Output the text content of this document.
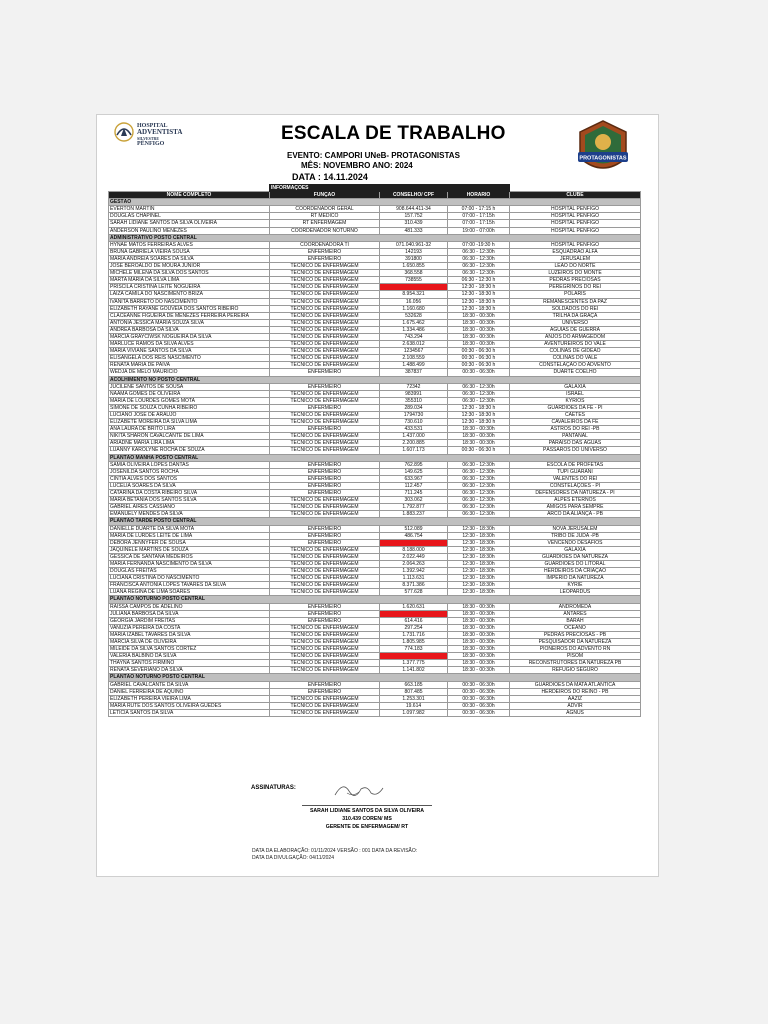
HOSPITAL
ADVENTISTA
SILVESTRE
PÊNFIGO	ESCALA DE TRABALHO
EVENTO: CAMPORI UNeB- PROTAGONISTAS
MÊS: NOVEMBRO ANO: 2024
DATA : 14.11.2024
PROTAGONISTAS
	INFORMAÇÕES			
NOME COMPLETO	FUNÇÃO	CONSELHO/ CPF	HORÁRIO	CLUBE
GESTÃO				
EVERTON MARTIN	COORDENADOR GERAL	908.644.411-34	07:00 - 17:15 h	HOSPITAL PÊNFIGO
DOUGLAS CHAPINEL	RT MÉDICO	157.752	07:00 - 17:15h	HOSPITAL PÊNFIGO
SARAH LIDIANE SANTOS DA SILVA OLIVEIRA	RT ENFERMAGEM	310.439	07:00 - 17:15h	HOSPITAL PÊNFIGO
ANDERSON PAULINO MENEZES	COORDENADOR NOTURNO	481.333	19:00 - 07:00h	HOSPITAL PÊNFIGO
ADMINISTRATIVO POSTO CENTRAL				
HYNAE MATOS FERREIRAS ALVES	COORDENADORA TI	071.040.961-32	07:00 -19:30 h	HOSPITAL PÊNFIGO
BRUNA GABRIELA VIEIRA SOUSA	ENFERMEIRO	142193	06:30 - 12:30h	ESQUADRÃO ALFA
MARIA ANDREIA SOARES DA SILVA	ENFERMEIRO	391800	06:30 - 12:30h	JERUSALÉM
JOSÉ BEROALDO DE MOURA JÚNIOR	TÉCNICO DE ENFERMAGEM	1.650.855	06:30 - 12:30h	LEÃO DO NORTE
MICHELE MILENA DA SILVA DOS SANTOS	TÉCNICO DE ENFERMAGEM	368.558	06:30 - 12:30h	LUZEIROS DO MONTE
MARTA MARIA DA SILVA LIMA	TÉCNICO DE ENFERMAGEM	738555	06:30 - 12:30 h	PEDRAS PRECIOSAS
PRISCILA CRISTINA LEITE NOGUEIRA	TÉCNICO DE ENFERMAGEM		12:30 - 18:30 h	PEREGRINOS DO REI
LAIZA CAMILA DO NASCIMENTO BRIZA	TÉCNICO DE ENFERMAGEM	8.954.321	12:30 - 18:30 h	POLARIS
IVANITA BARRETO DO NASCIMENTO	TÉCNICO DE ENFERMAGEM	16.056	12:30 - 18:30 h	REMANESCENTES DA PAZ
ELIZABETH RAYANE GOUVEIA DOS SANTOS RIBEIRO	TÉCNICO DE ENFERMAGEM	1.160.680	12:30 - 18:30 h	SOLDADOS DO REI
CLACEANNE FIGUEIRA DE MENEZES FERREIRA PEREIRA	TÉCNICO DE ENFERMAGEM	532628	18:30 - 00:30h	TRILHA DA GRAÇA
ANTONIA JESSICA MARIA SOUZA SILVA	TÉCNICO DE ENFERMAGEM	1.675.462	18:30 - 00:30h	UNIVERSO
ANDRÉA BARBOSA DA SILVA	TÉCNICO DE ENFERMAGEM	1.334.486	18:30 - 00:30h	ÁGUIAS DE GUERRA
MÁRCIA GRAYCIWSK NOGUEIRA DA SILVA	TÉCNICO DE ENFERMAGEM	743.294	18:30 - 00:30h	ANJOS DO ARMAGEDOM
MARLUCE RAMOS DA SILVA ALVES	TÉCNICO DE ENFERMAGEM	2.638.012	18:30 - 00:30h	AVENTUREIROS DO VALE
MARIA VIVIANE SANTOS DA SILVA	TÉCNICO DE ENFERMAGEM	1234567	00:30 - 06:30 h	COLINAS DE GIDEÃO
ELISÂNGELA DOS REIS NASCIMENTO	TÉCNICO DE ENFERMAGEM	2.108.559	00:30 - 06:30 h	COLINAS DO VALE
RENATA MARIA DE PAIVA	TÉCNICO DE ENFERMAGEM	1.488.499	00:30 - 06:30 h	CONSTELAÇÃO DO ADVENTO
WEDJA DE MELO MAURICIO	ENFERMEIRO	387837	00:30 - 06:30h	DUARTE COELHO
ACOLHIMENTO NO POSTO CENTRAL				
JUCILENE SANTOS DE SOUSA	ENFERMEIRO	72342	06:30 - 12:30h	GALÁXIA
NAAMA GOMES DE OLIVEIRA	TÉCNICO DE ENFERMAGEM	983991	06:30 - 12:30h	ISRAEL
MARIA DE LOURDES GOMES MOTA	TÉCNICO DE ENFERMAGEM	355310	06:30 - 12:30h	KYRIOS
SIMONE DE SOUZA CUNHA RIBEIRO	ENFERMEIRO	289.034	12:30 - 18:30 h	GUARDIÕES DA FÉ - PI
LUCIANO JOSÉ DE ARAÚJO	TÉCNICO DE ENFERMAGEM	1794730	12:30 - 18:30 h	CAETÉS
ELIZABETE MOREIRA DA SILVA LIMA	TÉCNICO DE ENFERMAGEM	730.610	12:30 - 18:30 h	CAVALEIROS DA FÉ
ANA LAURA DE BRITO LIRA	ENFERMEIRO	433.531	18:30 - 00:30h	ASTROS DO REI -PB
NIKITA SHARON CAVALCANTE DE LIMA	TÉCNICO DE ENFERMAGEM	1.437.000	18:30 - 00:30h	PANTANAL
ARIADNE MARIA LIRA LIMA	TÉCNICO DE ENFERMAGEM	2.200.885	18:30 - 00:30h	PARAÍSO DAS ÁGUAS
LUANNY KAROLYNE ROCHA DE SOUZA	TÉCNICO DE ENFERMAGEM	1.607.173	00:30 - 06:30 h	PÁSSAROS DO UNIVERSO
PLANTÃO MANHÃ POSTO CENTRAL				
SÂMIA OLIVEIRA LOPES DANTAS	ENFERMEIRO	762.895	06:30 - 12:30h	ESCOLA DE PROFETAS
JOSENILDA SANTOS ROCHA	ENFERMEIRO	149.625	06:30 - 12:30h	TUPI GUARANI
CINTIA ALVES DOS SANTOS	ENFERMEIRO	633.967	06:30 - 12:30h	VALENTES DO REI
LUCÉLIA SOARES DA SILVA	ENFERMEIRO	112.457	06:30 - 12:30h	CONSTELAÇÕES - PI
CATARINA DA COSTA RIBEIRO SILVA	ENFERMEIRO	711.245	06:30 - 12:30h	DEFENSORES DA NATUREZA - PI
MARIA BETANIA DOS SANTOS SILVA	TÉCNICO DE ENFERMAGEM	303.062	06:30 - 12:30h	ALPES ETERNOS
GABRIEL AIRES CASSIANO	TÉCNICO DE ENFERMAGEM	1.792.877	06:30 - 12:30h	AMIGOS PARA SEMPRE
EMANUELY MENDES DA SILVA	TÉCNICO DE ENFERMAGEM	1.883.237	06:30 - 12:30h	ARCO DA ALIANÇA - PB
PLANTÃO TARDE POSTO CENTRAL				
DANIELLE DUARTE DA SILVA MOTA	ENFERMEIRO	512.089	12:30 - 18:30h	NOVA JERUSALÉM
MARIA DE LURDES LEITE DE LIMA	ENFERMEIRO	486.754	12:30 - 18:30h	TRIBO DE JUDÁ -PB
DÉBORA JENNYFER DE SOUSA	ENFERMEIRO		12:30 - 18:30h	VENCENDO DESAFIOS
JAQUINELE MARTINS DE SOUZA	TÉCNICO DE ENFERMAGEM	8.188.000	12:30 - 18:30h	GALÁXIA
GESSICA DE SANTANA MEDEIROS	TÉCNICO DE ENFERMAGEM	2.022.449	12:30 - 18:30h	GUARDIÕES DA NATUREZA
MARIA FERNANDA NASCIMENTO DA SILVA	TÉCNICO DE ENFERMAGEM	2.064.263	12:30 - 18:30h	GUARDIÕES DO LITORAL
DOUGLAS FREITAS	TÉCNICO DE ENFERMAGEM	1.392.942	12:30 - 18:30h	HERDEIROS DA CRIAÇÃO
LUCIANA CRISTINA DO NASCIMENTO	TÉCNICO DE ENFERMAGEM	1.113.631	12:30 - 18:30h	IMPÉRIO DA NATUREZA
FRANCISCA ANTONIA LOPES TAVARES DA SILVA	TÉCNICO DE ENFERMAGEM	8.371.386	12:30 - 18:30h	KYRIE
LUANA REGINA DE LIMA SOARES	TÉCNICO DE ENFERMAGEM	577.628	12:30 - 18:30h	LEOPARDUS
PLANTÃO NOTURNO POSTO CENTRAL				
RAISSA CAMPOS DE ADELINO	ENFERMEIRO	1.620.631	18:30 - 00:30h	ANDRÔMEDA
JULIANA BARBOSA DA SILVA	ENFERMEIRO		18:30 - 00:30h	ANTARES
GEORGIA JARDIM FREITAS	ENFERMEIRO	614.416	18:30 - 00:30h	BARAH
VANUZIA PEREIRA DA COSTA	TÉCNICO DE ENFERMAGEM	297.254	18:30 - 00:30h	OCEANO
MARIA IZABEL TAVARES DA SILVA	TÉCNICO DE ENFERMAGEM	1.731.716	18:30 - 00:30h	PEDRAS PRECIOSAS - PB
MARCIA SILVA DE OLIVEIRA	TÉCNICO DE ENFERMAGEM	1.805.985	18:30 - 00:30h	PESQUISADOR DA NATUREZA
MILEIDE DA SILVA SANTOS CORTEZ	TÉCNICO DE ENFERMAGEM	774.183	18:30 - 00:30h	PIONEIROS DO ADVENTO RN
VALÉRIA BALBINO DA SILVA	TÉCNICO DE ENFERMAGEM		18:30 - 00:30h	PISOM
THAYNÃ SANTOS FIRMINO	TÉCNICO DE ENFERMAGEM	1.377.775	18:30 - 00:30h	RECONSTRUTORES DA NATUREZA PB
RENATA SEVERIANO DA SILVA	TÉCNICO DE ENFERMAGEM	1.141.802	18:30 - 00:30h	REFÚGIO SEGURO
PLANTÃO NOTURNO POSTO CENTRAL				
GABRIEL CAVALCANTE DA SILVA	ENFERMEIRO	663.185	00:30 - 06:30h	GUARDIÕES DA MATA ATLÂNTICA
DANIEL FERREIRA DE AQUINO	ENFERMEIRO	807.485	00:30 - 06:30h	HERDEIROS DO REINO - PB
ELIZABETH PEREIRA VIEIRA LIMA	TÉCNICO DE ENFERMAGEM	1.253.301	00:30 - 06:30h	AAZIZ
MARIA RUTE DOS SANTOS OLIVEIRA GUEDES	TÉCNICO DE ENFERMAGEM	19.614	00:30 - 06:30h	ADVIR
LETÍCIA SANTOS DA SILVA	TÉCNICO DE ENFERMAGEM	1.097.982	00:30 - 06:30h	AGNUS
ASSINATURAS:
SARAH LIDIANE SANTOS DA SILVA OLIVEIRA
310.439 COREN/ MS
GERENTE DE ENFERMAGEM/ RT
DATA DA ELABORAÇÃO: 01/11/2024 VERSÃO : 001 DATA DA REVISÃO:
DATA DA DIVULGAÇÃO: 04/11/2024
